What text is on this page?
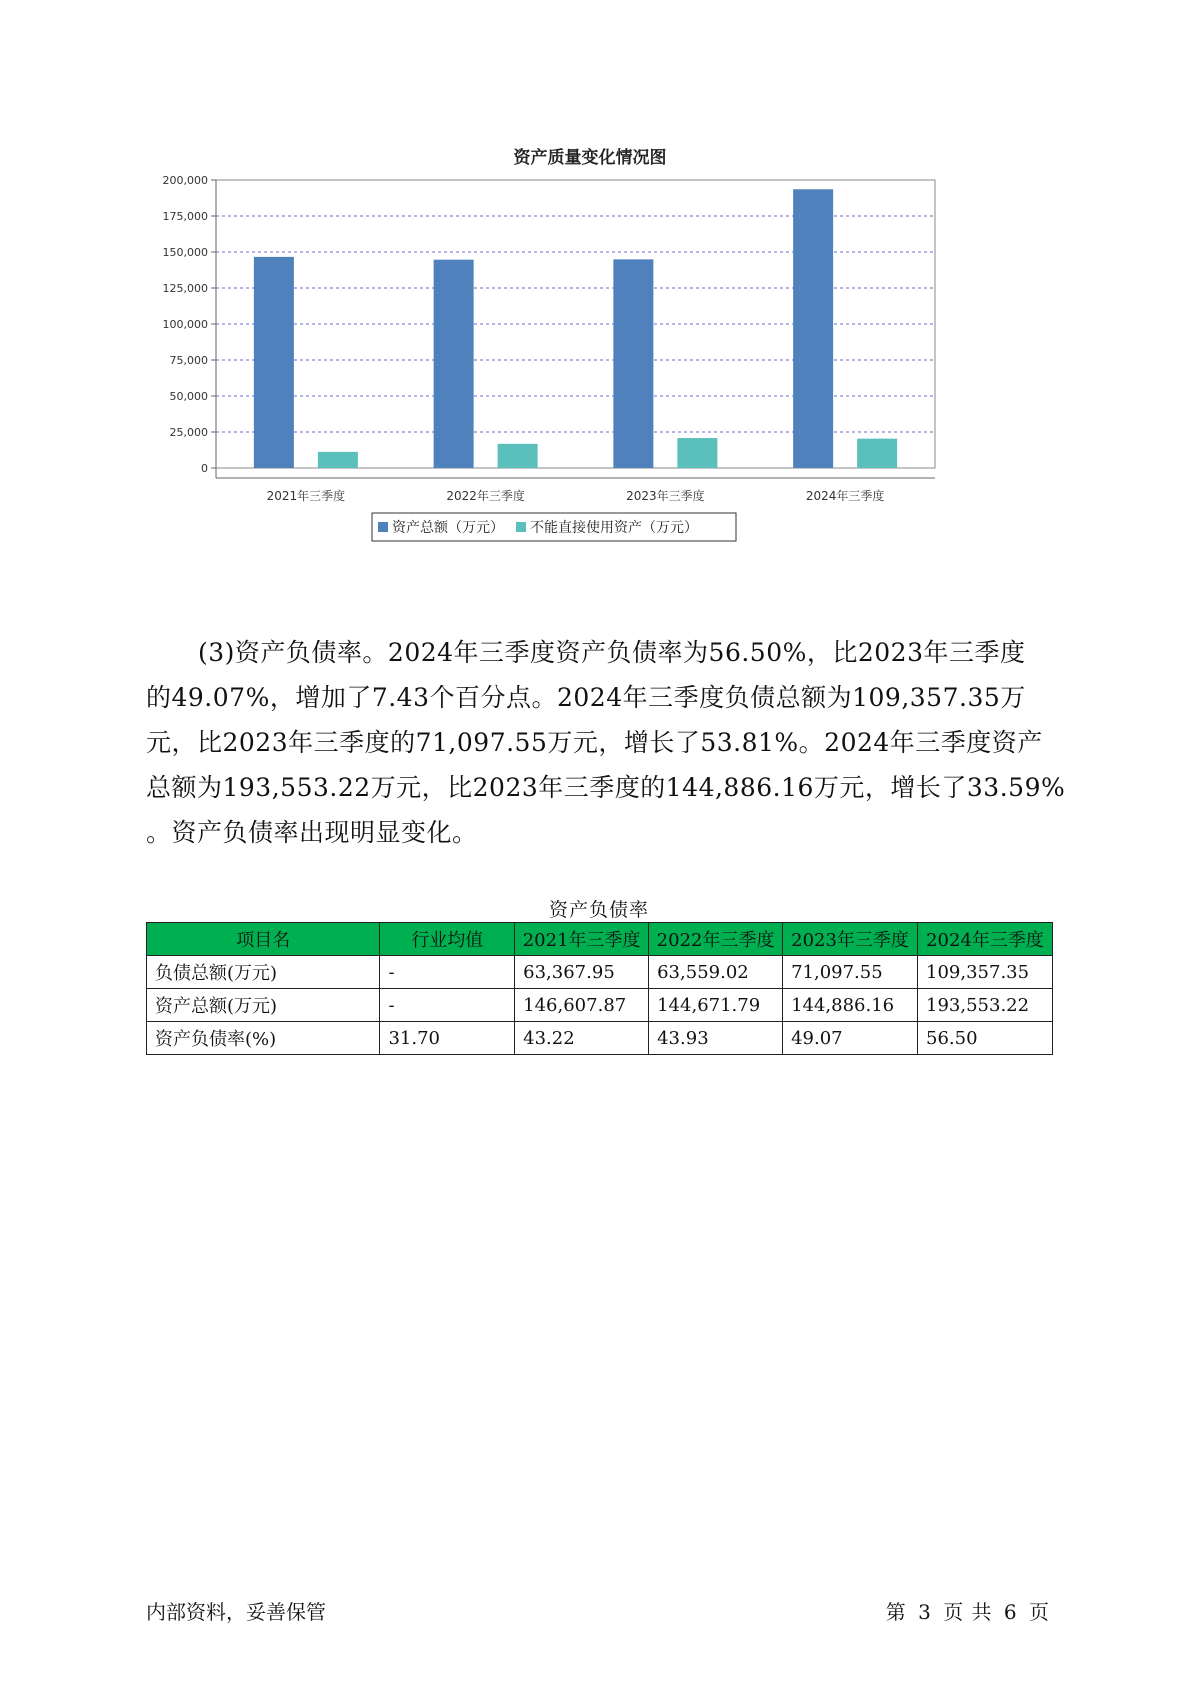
资产质量变化情况图
0
25,000
50,000
75,000
100,000
125,000
150,000
175,000
200,000
2021年三季度	2022年三季度	2023年三季度	2024年三季度
资产总额（万元） 不能直接使用资产（万元）
(3)资产负债率。2024年三季度资产负债率为56.50%，比2023年三季度
的49.07%，增加了7.43个百分点。2024年三季度负债总额为109,357.35万
元，比2023年三季度的71,097.55万元，增长了53.81%。2024年三季度资产
总额为193,553.22万元，比2023年三季度的144,886.16万元，增长了33.59%
。资产负债率出现明显变化。
资产负债率
项目名	行业均值	2021年三季度	2022年三季度	2023年三季度	2024年三季度
负债总额(万元)	-	63,367.95	63,559.02	71,097.55	109,357.35
资产总额(万元)	-	146,607.87	144,671.79	144,886.16	193,553.22
资产负债率(%)	31.70	43.22	43.93	49.07	56.50
内部资料，妥善保管	第 3 页 共 6 页
